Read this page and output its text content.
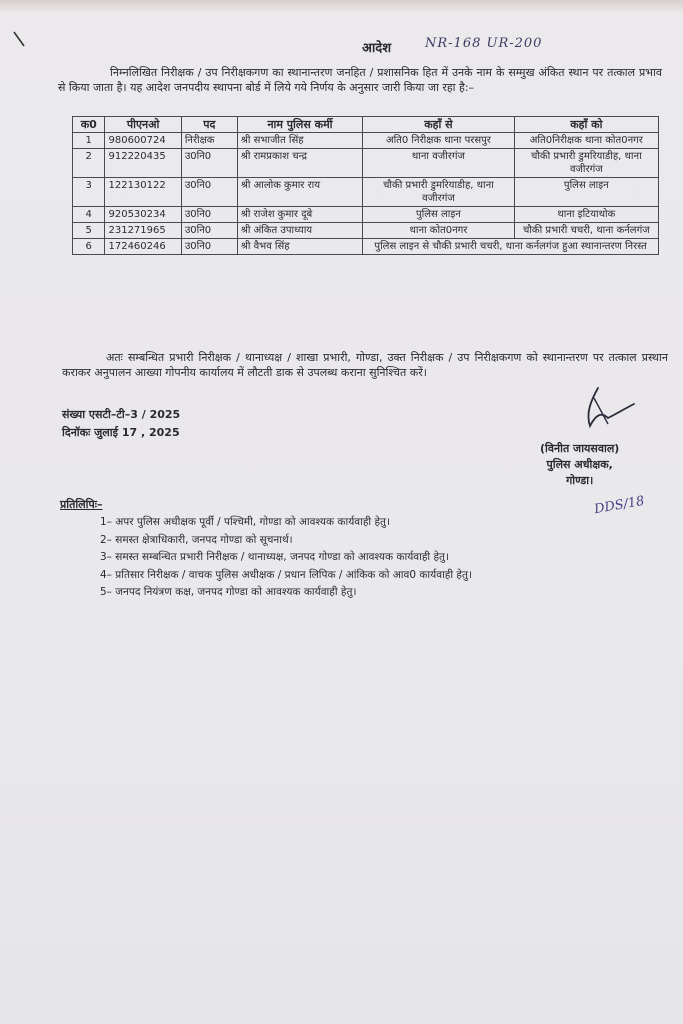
आदेश	NR-168 UR-200
निम्नलिखित निरीक्षक / उप निरीक्षकगण का स्थानान्तरण जनहित / प्रशासनिक हित में उनके नाम के सम्मुख अंकित स्थान पर तत्काल प्रभाव से किया जाता है। यह आदेश जनपदीय स्थापना बोर्ड में लिये गये निर्णय के अनुसार जारी किया जा रहा है:–
क0	पीएनओ	पद	नाम पुलिस कर्मी	कहाँ से	कहाँ को
1	980600724	निरीक्षक	श्री सभाजीत सिंह	अति0 निरीक्षक थाना परसपुर	अति0निरीक्षक थाना कोत0नगर
2	912220435	उ0नि0	श्री रामप्रकाश चन्द्र	थाना वजीरगंज	चौकी प्रभारी डुमरियाडीह, थाना वजीरगंज
3	122130122	उ0नि0	श्री आलोक कुमार राय	चौकी प्रभारी डुमरियाडीह, थाना वजीरगंज	पुलिस लाइन
4	920530234	उ0नि0	श्री राजेश कुमार दूबे	पुलिस लाइन	थाना इटियाथोक
5	231271965	उ0नि0	श्री अंकित उपाध्याय	थाना कोत0नगर	चौकी प्रभारी चचरी, थाना कर्नलगंज
6	172460246	उ0नि0	श्री वैभव सिंह	पुलिस लाइन से चौकी प्रभारी चचरी, थाना कर्नलगंज हुआ स्थानान्तरण निरस्त	
अतः सम्बन्धित प्रभारी निरीक्षक / थानाध्यक्ष / शाखा प्रभारी, गोण्डा, उक्त निरीक्षक / उप निरीक्षकगण को स्थानान्तरण पर तत्काल प्रस्थान कराकर अनुपालन आख्या गोपनीय कार्यालय में लौटती डाक से उपलब्ध कराना सुनिश्चित करें।
संख्या एसटी–टी–3 / 2025
दिनॉकः जुलाई 17 , 2025
(विनीत जायसवाल)
पुलिस अधीक्षक,
गोण्डा।
DDS/18
प्रतिलिपिः–
1– अपर पुलिस अधीक्षक पूर्वी / पश्चिमी, गोण्डा को आवश्यक कार्यवाही हेतु।
2– समस्त क्षेत्राधिकारी, जनपद गोण्डा को सूचनार्थ।
3– समस्त सम्बन्धित प्रभारी निरीक्षक / थानाध्यक्ष, जनपद गोण्डा को आवश्यक कार्यवाही हेतु।
4– प्रतिसार निरीक्षक / वाचक पुलिस अधीक्षक / प्रधान लिपिक / आंकिक को आव0 कार्यवाही हेतु।
5– जनपद नियंत्रण कक्ष, जनपद गोण्डा को आवश्यक कार्यवाही हेतु।
